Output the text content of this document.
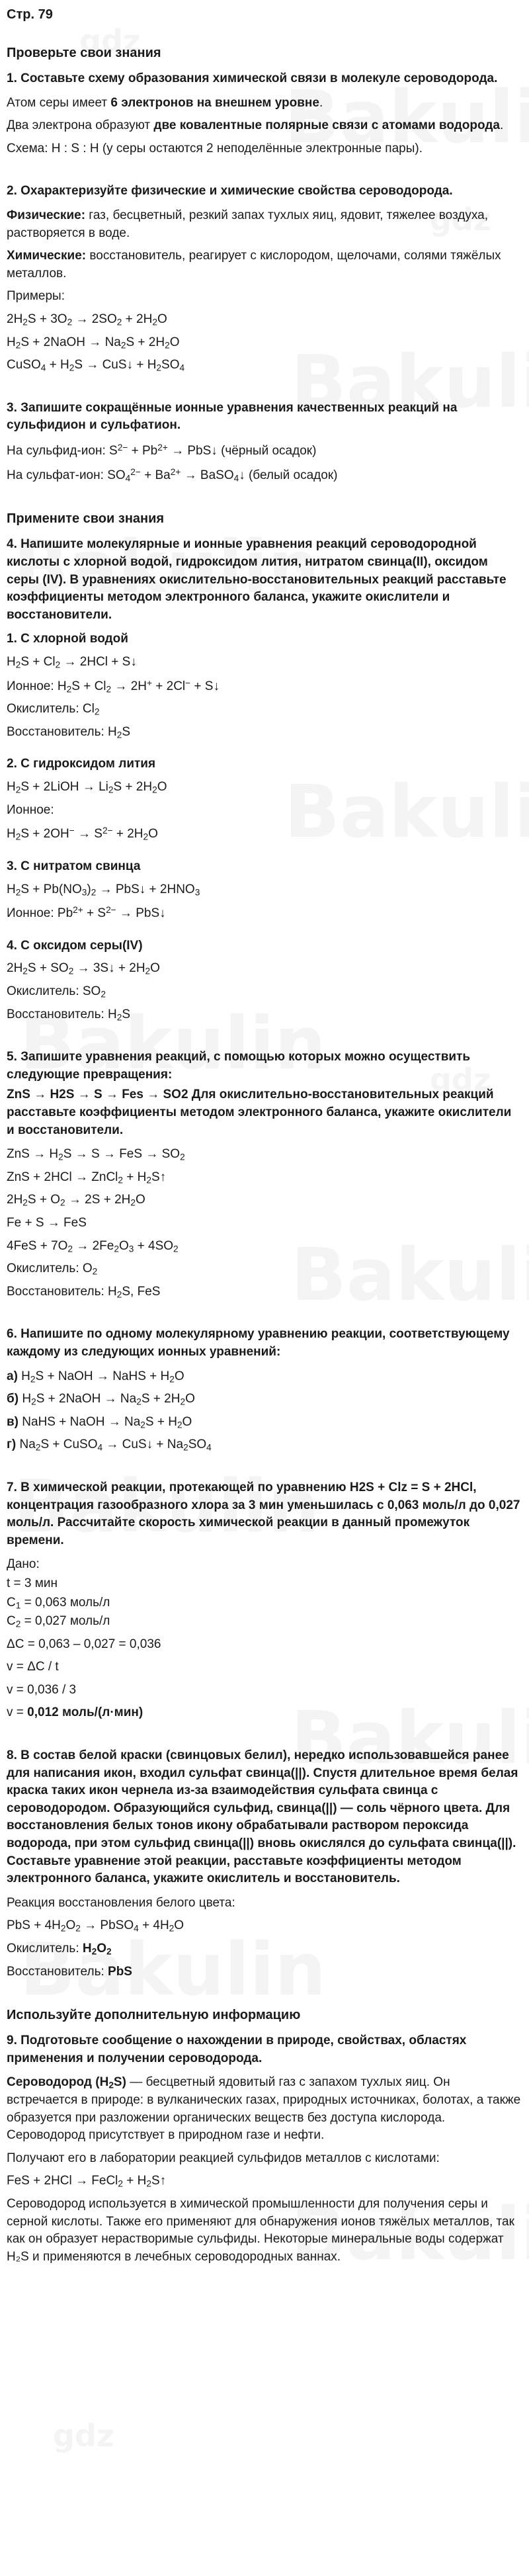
Стр. 79
Проверьте свои знания

1. Составьте схему образования химической связи в молекуле сероводорода.

Атом серы имеет 6 электронов на внешнем уровне.

Два электрона образуют две ковалентные полярные связи с атомами водорода.

Схема: H : S : H (у серы остаются 2 неподелённые электронные пары).

2. Охарактеризуйте физические и химические свойства сероводорода.

Физические: газ, бесцветный, резкий запах тухлых яиц, ядовит, тяжелее воздуха, растворяется в воде.

Химические: восстановитель, реагирует с кислородом, щелочами, солями тяжёлых металлов.

Примеры:

2H2S + 3O2 → 2SO2 + 2H2O

H2S + 2NaOH → Na2S + 2H2O

CuSO4 + H2S → CuS↓ + H2SO4

3. Запишите сокращённые ионные уравнения качественных реакций на сульфидион и сульфатион.

На сульфид-ион: $S^{2-} + Pb^{2+}$ → PbS↓ (чёрный осадок)

На сульфат-ион: $SO4^{2-} + Ba^{2+}$ → BaSO4↓ (белый осадок)

Примените свои знания

4. Напишите молекулярные и ионные уравнения реакций сероводородной кислоты с хлорной водой, гидроксидом лития, нитратом свинца(II), оксидом серы (IV). В уравнениях окислительно-восстановительных реакций расставьте коэффициенты методом электронного баланса, укажите окислители и восстановители.

1. С хлорной водой

H2S + Cl2 → 2HCl + S↓

Ионное: H2S + Cl2 → 2H+ + 2Cl− + S↓

Окислитель: Cl2

Восстановитель: H2S

2. С гидроксидом лития

H2S + 2LiOH → Li2S + 2H2O

Ионное:

$H2S + 2OH^- \to S^{2-} + 2H2O$

3. С нитратом свинца

H2S + Pb(NO3)2 → PbS↓ + 2HNO3

Ионное: $Pb^{2+} + S^{2-}$ → PbS↓

4. С оксидом серы(IV)

2H2S + SO2 → 3S↓ + 2H2O

Окислитель: SO2

Восстановитель: H2S

5. Запишите уравнения реакций, с помощью которых можно осуществить следующие превращения:

ZnS → H2S → S → Fes → SO2 Для окислительно-восстановительных реакций расставьте коэффициенты методом электронного баланса, укажите окислители и восстановители.

ZnS → H2S → S → FeS → SO2

ZnS + 2HCl → ZnCl2 + H2S↑

2H2S + O2 → 2S + 2H2O

Fe + S → FeS

4FeS + 7O2 → 2Fe2O3 + 4SO2

Окислитель: O2

Восстановитель: H2S, FeS

6. Напишите по одному молекулярному уравнению реакции, соответствующему каждому из следующих ионных уравнений:

а) H2S + NaOH → NaHS + H2O

б) H2S + 2NaOH → Na2S + 2H2O

в) NaHS + NaOH → Na2S + H2O

г) Na2S + CuSO4 → CuS↓ + Na2SO4

7. В химической реакции, протекающей по уравнению H2S + Clz = S + 2HCl, концентрация газообразного хлора за 3 мин уменьшилась с 0,063 моль/л до 0,027 моль/л. Рассчитайте скорость химической реакции в данный промежуток времени.

Дано:

t = 3 мин

C1 = 0,063 моль/л

C2 = 0,027 моль/л

ΔC = 0,063 – 0,027 = 0,036

v = ΔC / t

v = 0,036 / 3

v = 0,012 моль/(л·мин)

8. В состав белой краски (свинцовых белил), нередко использовавшейся ранее для написания икон, входил сульфат свинца(||). Спустя длительное время белая краска таких икон чернела из-за взаимодействия сульфата свинца с сероводородом. Образующийся сульфид, свинца(||) — соль чёрного цвета. Для восстановления белых тонов икону обрабатывали раствором пероксида водорода, при этом сульфид свинца(||) вновь окислялся до сульфата свинца(||). Составьте уравнение этой реакции, расставьте коэффициенты методом электронного баланса, укажите окислитель и восстановитель.

Реакция восстановления белого цвета:

PbS + 4H2O2 → PbSO4 + 4H2O

Окислитель: H2O2

Восстановитель: PbS

Используйте дополнительную информацию

9. Подготовьте сообщение о нахождении в природе, свойствах, областях применения и получении сероводорода.

Сероводород (H2S) — бесцветный ядовитый газ с запахом тухлых яиц. Он встречается в природе: в вулканических газах, природных источниках, болотах, а также образуется при разложении органических веществ без доступа кислорода. Сероводород присутствует в природном газе и нефти.

Получают его в лаборатории реакцией сульфидов металлов с кислотами:

FeS + 2HCl → FeCl2 + H2S↑

Сероводород используется в химической промышленности для получения серы и серной кислоты. Также его применяют для обнаружения ионов тяжёлых металлов, так как он образует нерастворимые сульфиды. Некоторые минеральные воды содержат H₂S и применяются в лечебных сероводородных ваннах.
